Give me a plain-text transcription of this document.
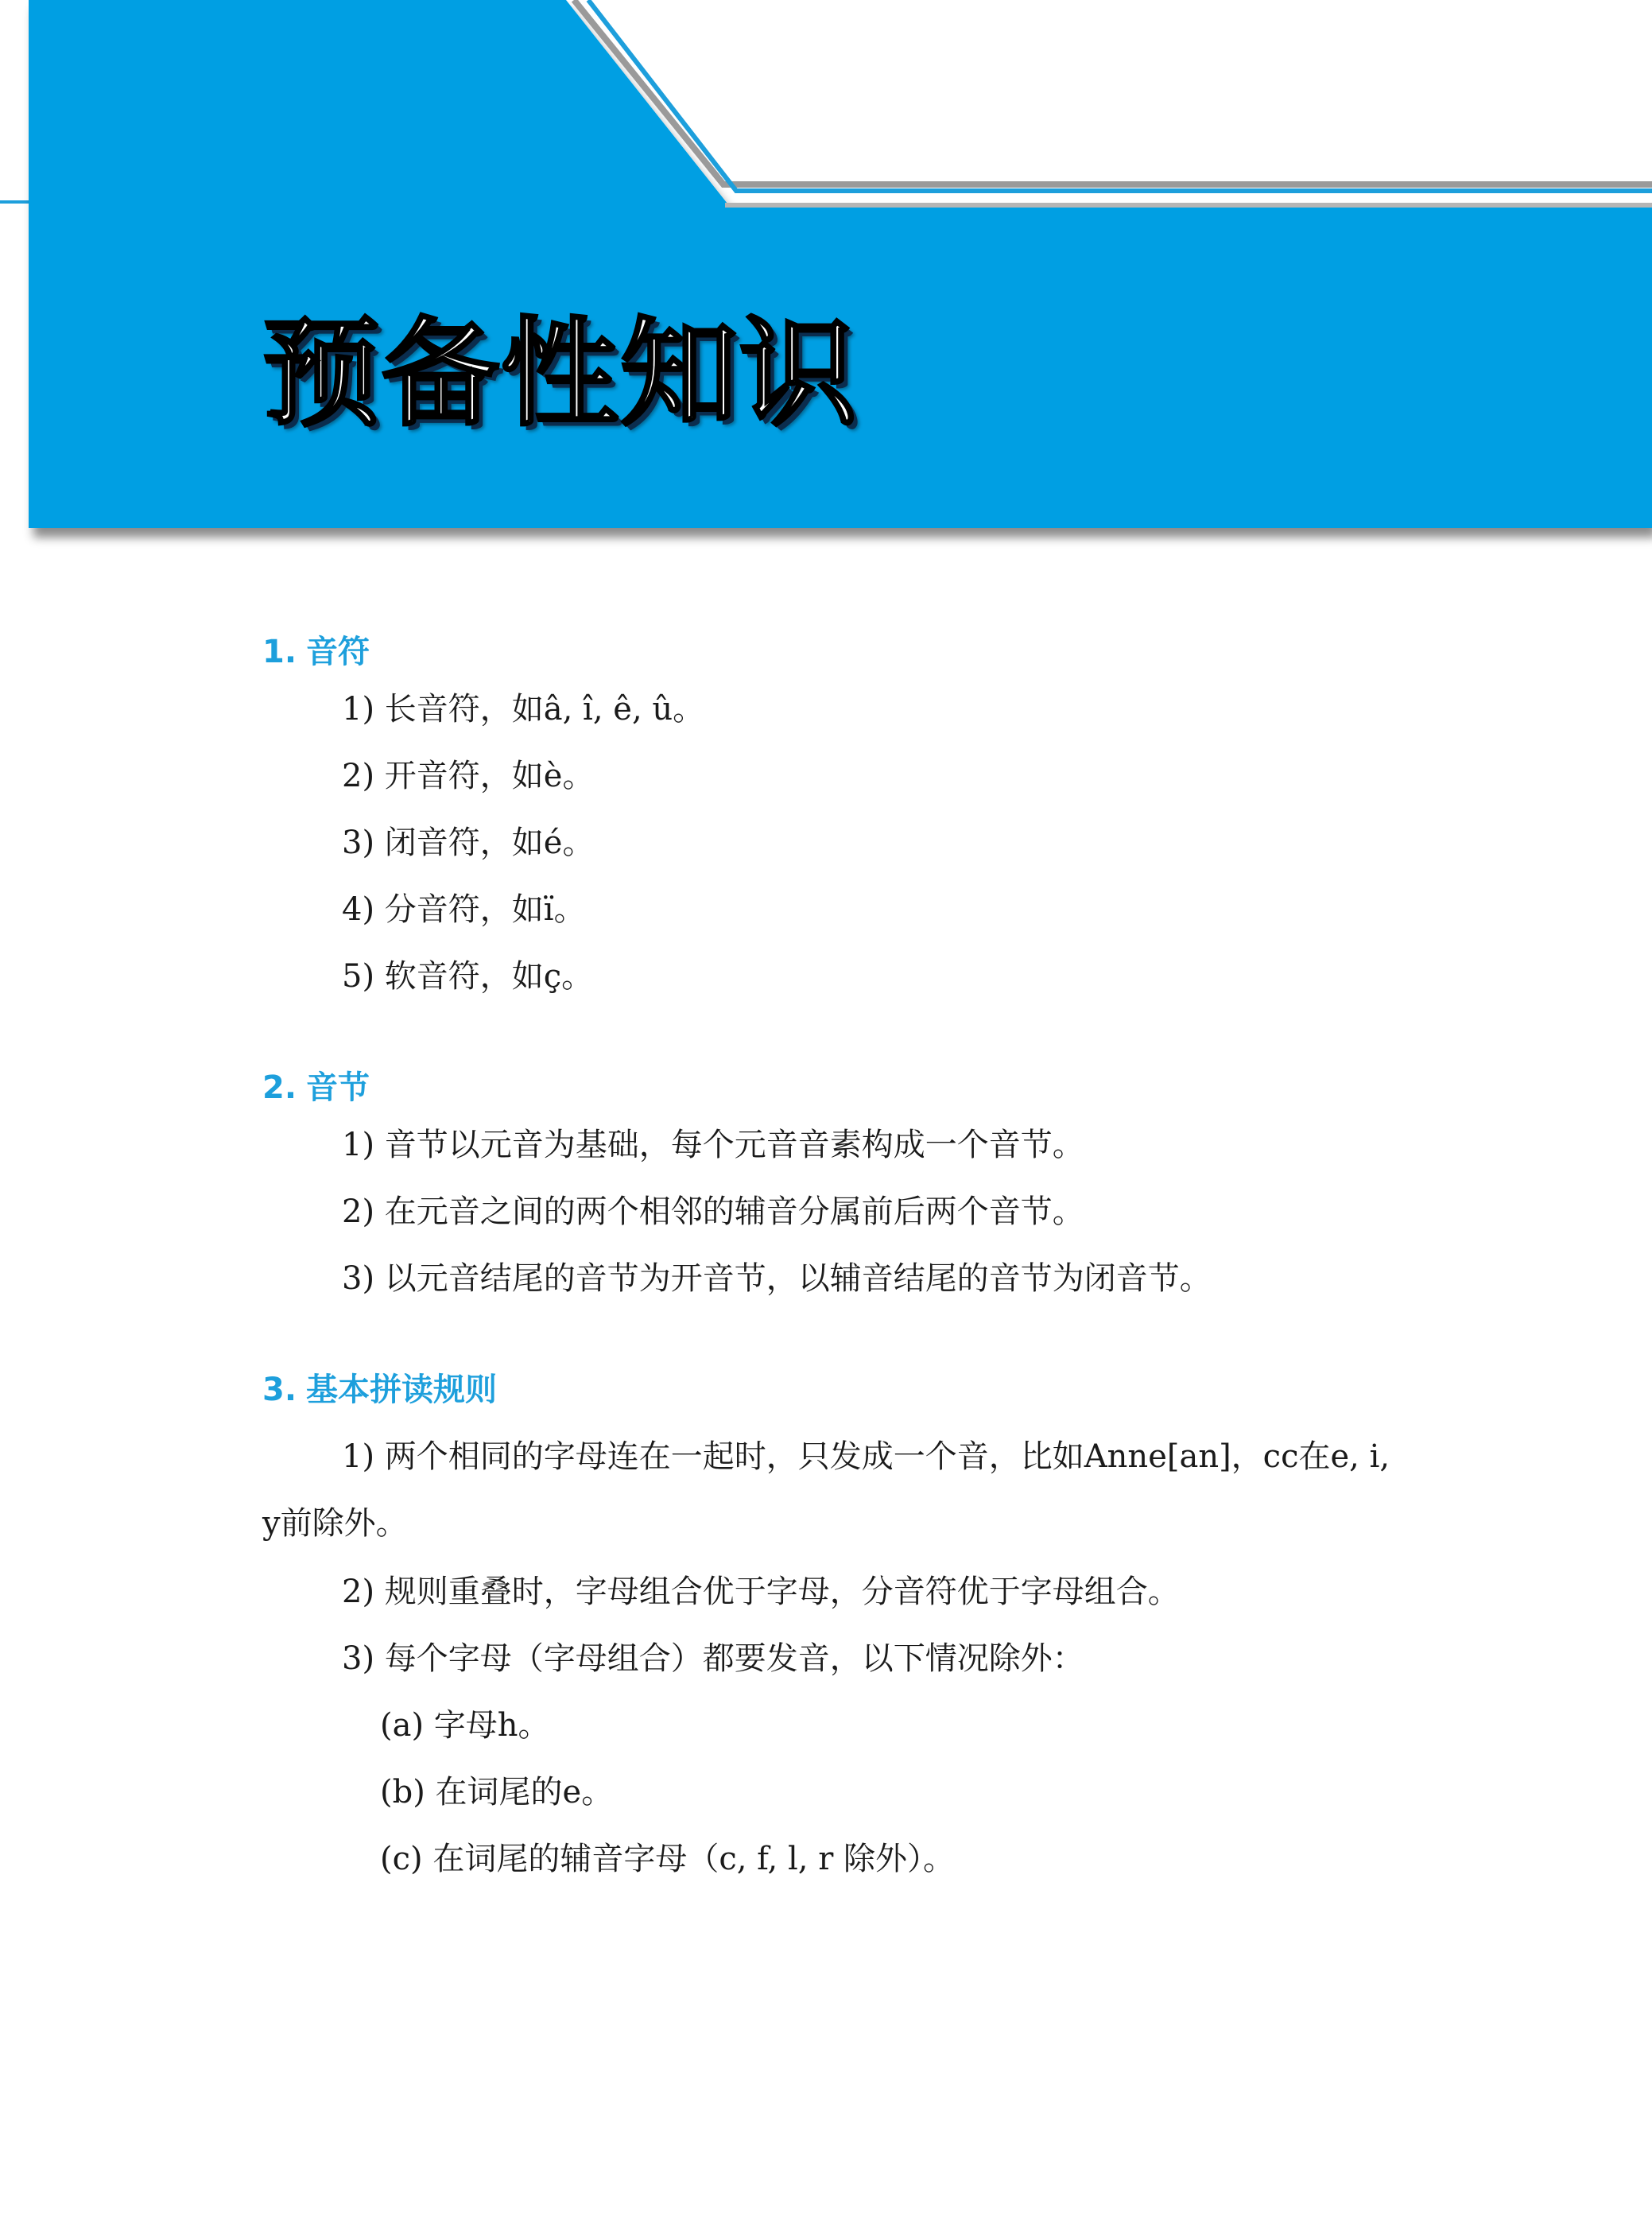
预备性知识
1. 音符
1) 长音符，如â, î, ê, û。
2) 开音符，如è。
3) 闭音符，如é。
4) 分音符，如ï。
5) 软音符，如ç。
2. 音节
1) 音节以元音为基础，每个元音音素构成一个音节。
2) 在元音之间的两个相邻的辅音分属前后两个音节。
3) 以元音结尾的音节为开音节，以辅音结尾的音节为闭音节。
3. 基本拼读规则
1) 两个相同的字母连在一起时，只发成一个音，比如Anne[an]，cc在e, i, y前除外。
2) 规则重叠时，字母组合优于字母，分音符优于字母组合。
3) 每个字母（字母组合）都要发音，以下情况除外：
(a) 字母h。
(b) 在词尾的e。
(c) 在词尾的辅音字母（c, f, l, r 除外）。
